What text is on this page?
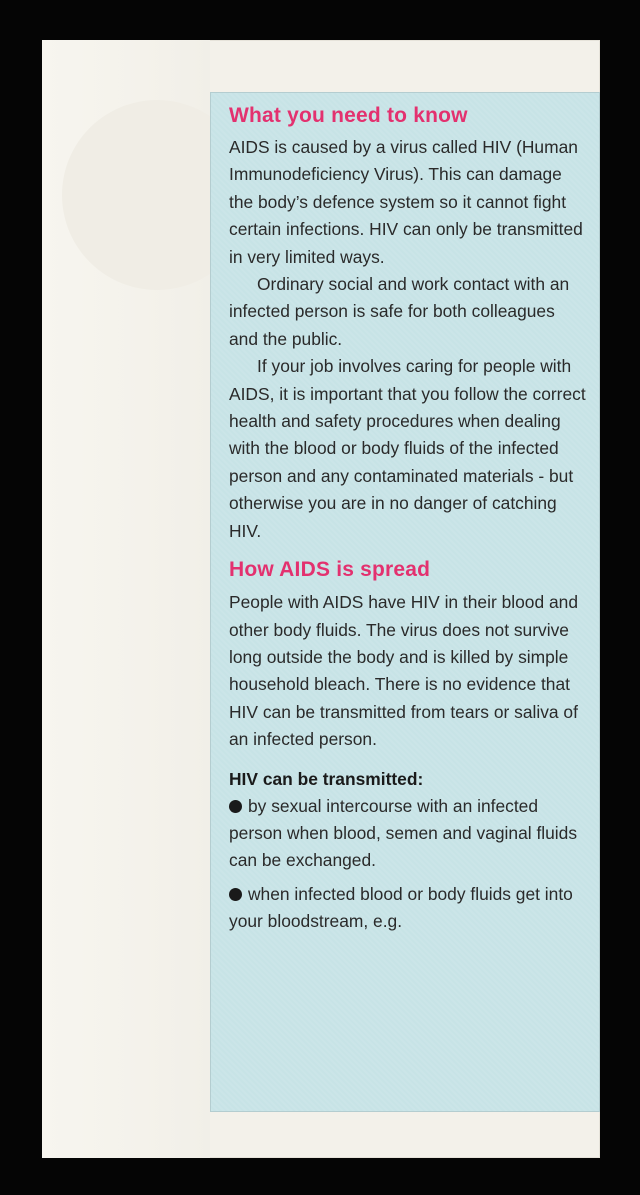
What you need to know

AIDS is caused by a virus called HIV (Human Immunodeficiency Virus). This can damage the body’s defence system so it cannot fight certain infections. HIV can only be transmitted in very limited ways.

Ordinary social and work contact with an infected person is safe for both colleagues and the public.

If your job involves caring for people with AIDS, it is important that you follow the correct health and safety procedures when dealing with the blood or body fluids of the infected person and any contaminated materials - but otherwise you are in no danger of catching HIV.

How AIDS is spread

People with AIDS have HIV in their blood and other body fluids. The virus does not survive long outside the body and is killed by simple household bleach. There is no evidence that HIV can be transmitted from tears or saliva of an infected person.

HIV can be transmitted:

by sexual intercourse with an infected person when blood, semen and vaginal fluids can be exchanged.

when infected blood or body fluids get into your bloodstream, e.g.
